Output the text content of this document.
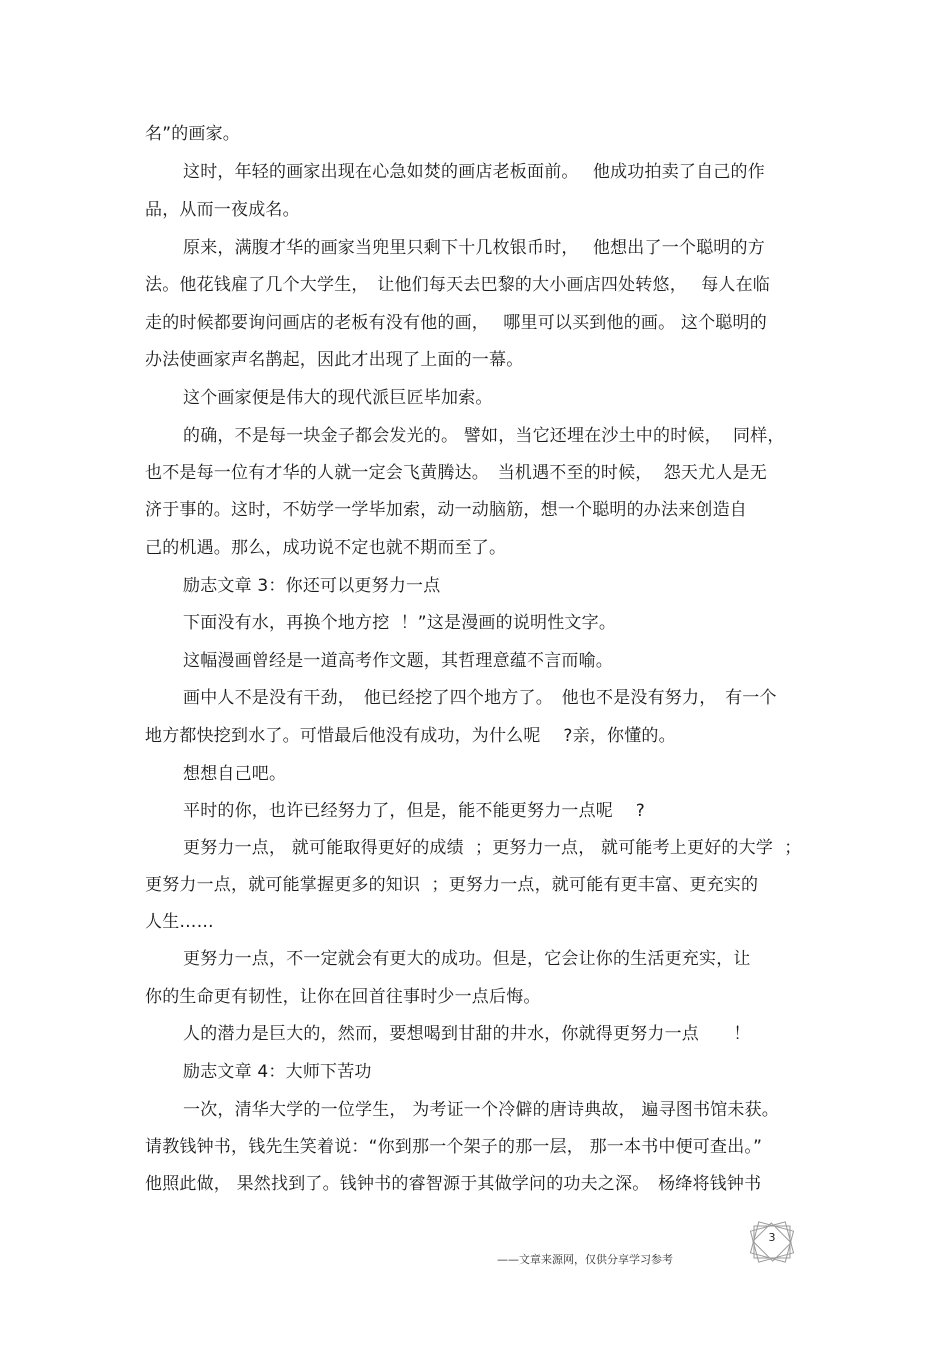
名”的画家。
这时，年轻的画家出现在心急如焚的画店老板面前。　 他成功拍卖了自己的作
品，从而一夜成名。
原来，满腹才华的画家当兜里只剩下十几枚银币时，　 他想出了一个聪明的方
法。他花钱雇了几个大学生，　让他们每天去巴黎的大小画店四处转悠，　 每人在临
走的时候都要询问画店的老板有没有他的画，　 哪里可以买到他的画。 这个聪明的
办法使画家声名鹊起，因此才出现了上面的一幕。
这个画家便是伟大的现代派巨匠毕加索。
的确，不是每一块金子都会发光的。 譬如，当它还埋在沙土中的时候，  同样，
也不是每一位有才华的人就一定会飞黄腾达。　当机遇不至的时候，  怨天尤人是无
济于事的。这时，不妨学一学毕加索，动一动脑筋，想一个聪明的办法来创造自
己的机遇。那么，成功说不定也就不期而至了。
励志文章 3：你还可以更努力一点
下面没有水，再换个地方挖  ！”这是漫画的说明性文字。
这幅漫画曾经是一道高考作文题，其哲理意蕴不言而喻。
画中人不是没有干劲，　他已经挖了四个地方了。　他也不是没有努力，　有一个
地方都快挖到水了。可惜最后他没有成功，为什么呢　 ?亲，你懂的。
想想自己吧。
平时的你，也许已经努力了，但是，能不能更努力一点呢　 ?
更努力一点， 就可能取得更好的成绩  ；更努力一点， 就可能考上更好的大学  ；
更努力一点，就可能掌握更多的知识  ；更努力一点，就可能有更丰富、更充实的
人生……
更努力一点，不一定就会有更大的成功。但是，它会让你的生活更充实，让
你的生命更有韧性，让你在回首往事时少一点后悔。
人的潜力是巨大的，然而，要想喝到甘甜的井水，你就得更努力一点　　！
励志文章 4：大师下苦功
一次，清华大学的一位学生， 为考证一个冷僻的唐诗典故， 遍寻图书馆未获。
请教钱钟书，钱先生笑着说：“你到那一个架子的那一层， 那一本书中便可查出。”
他照此做， 果然找到了。钱钟书的睿智源于其做学问的功夫之深。　杨绛将钱钟书
3
——文章来源网，仅供分享学习参考
